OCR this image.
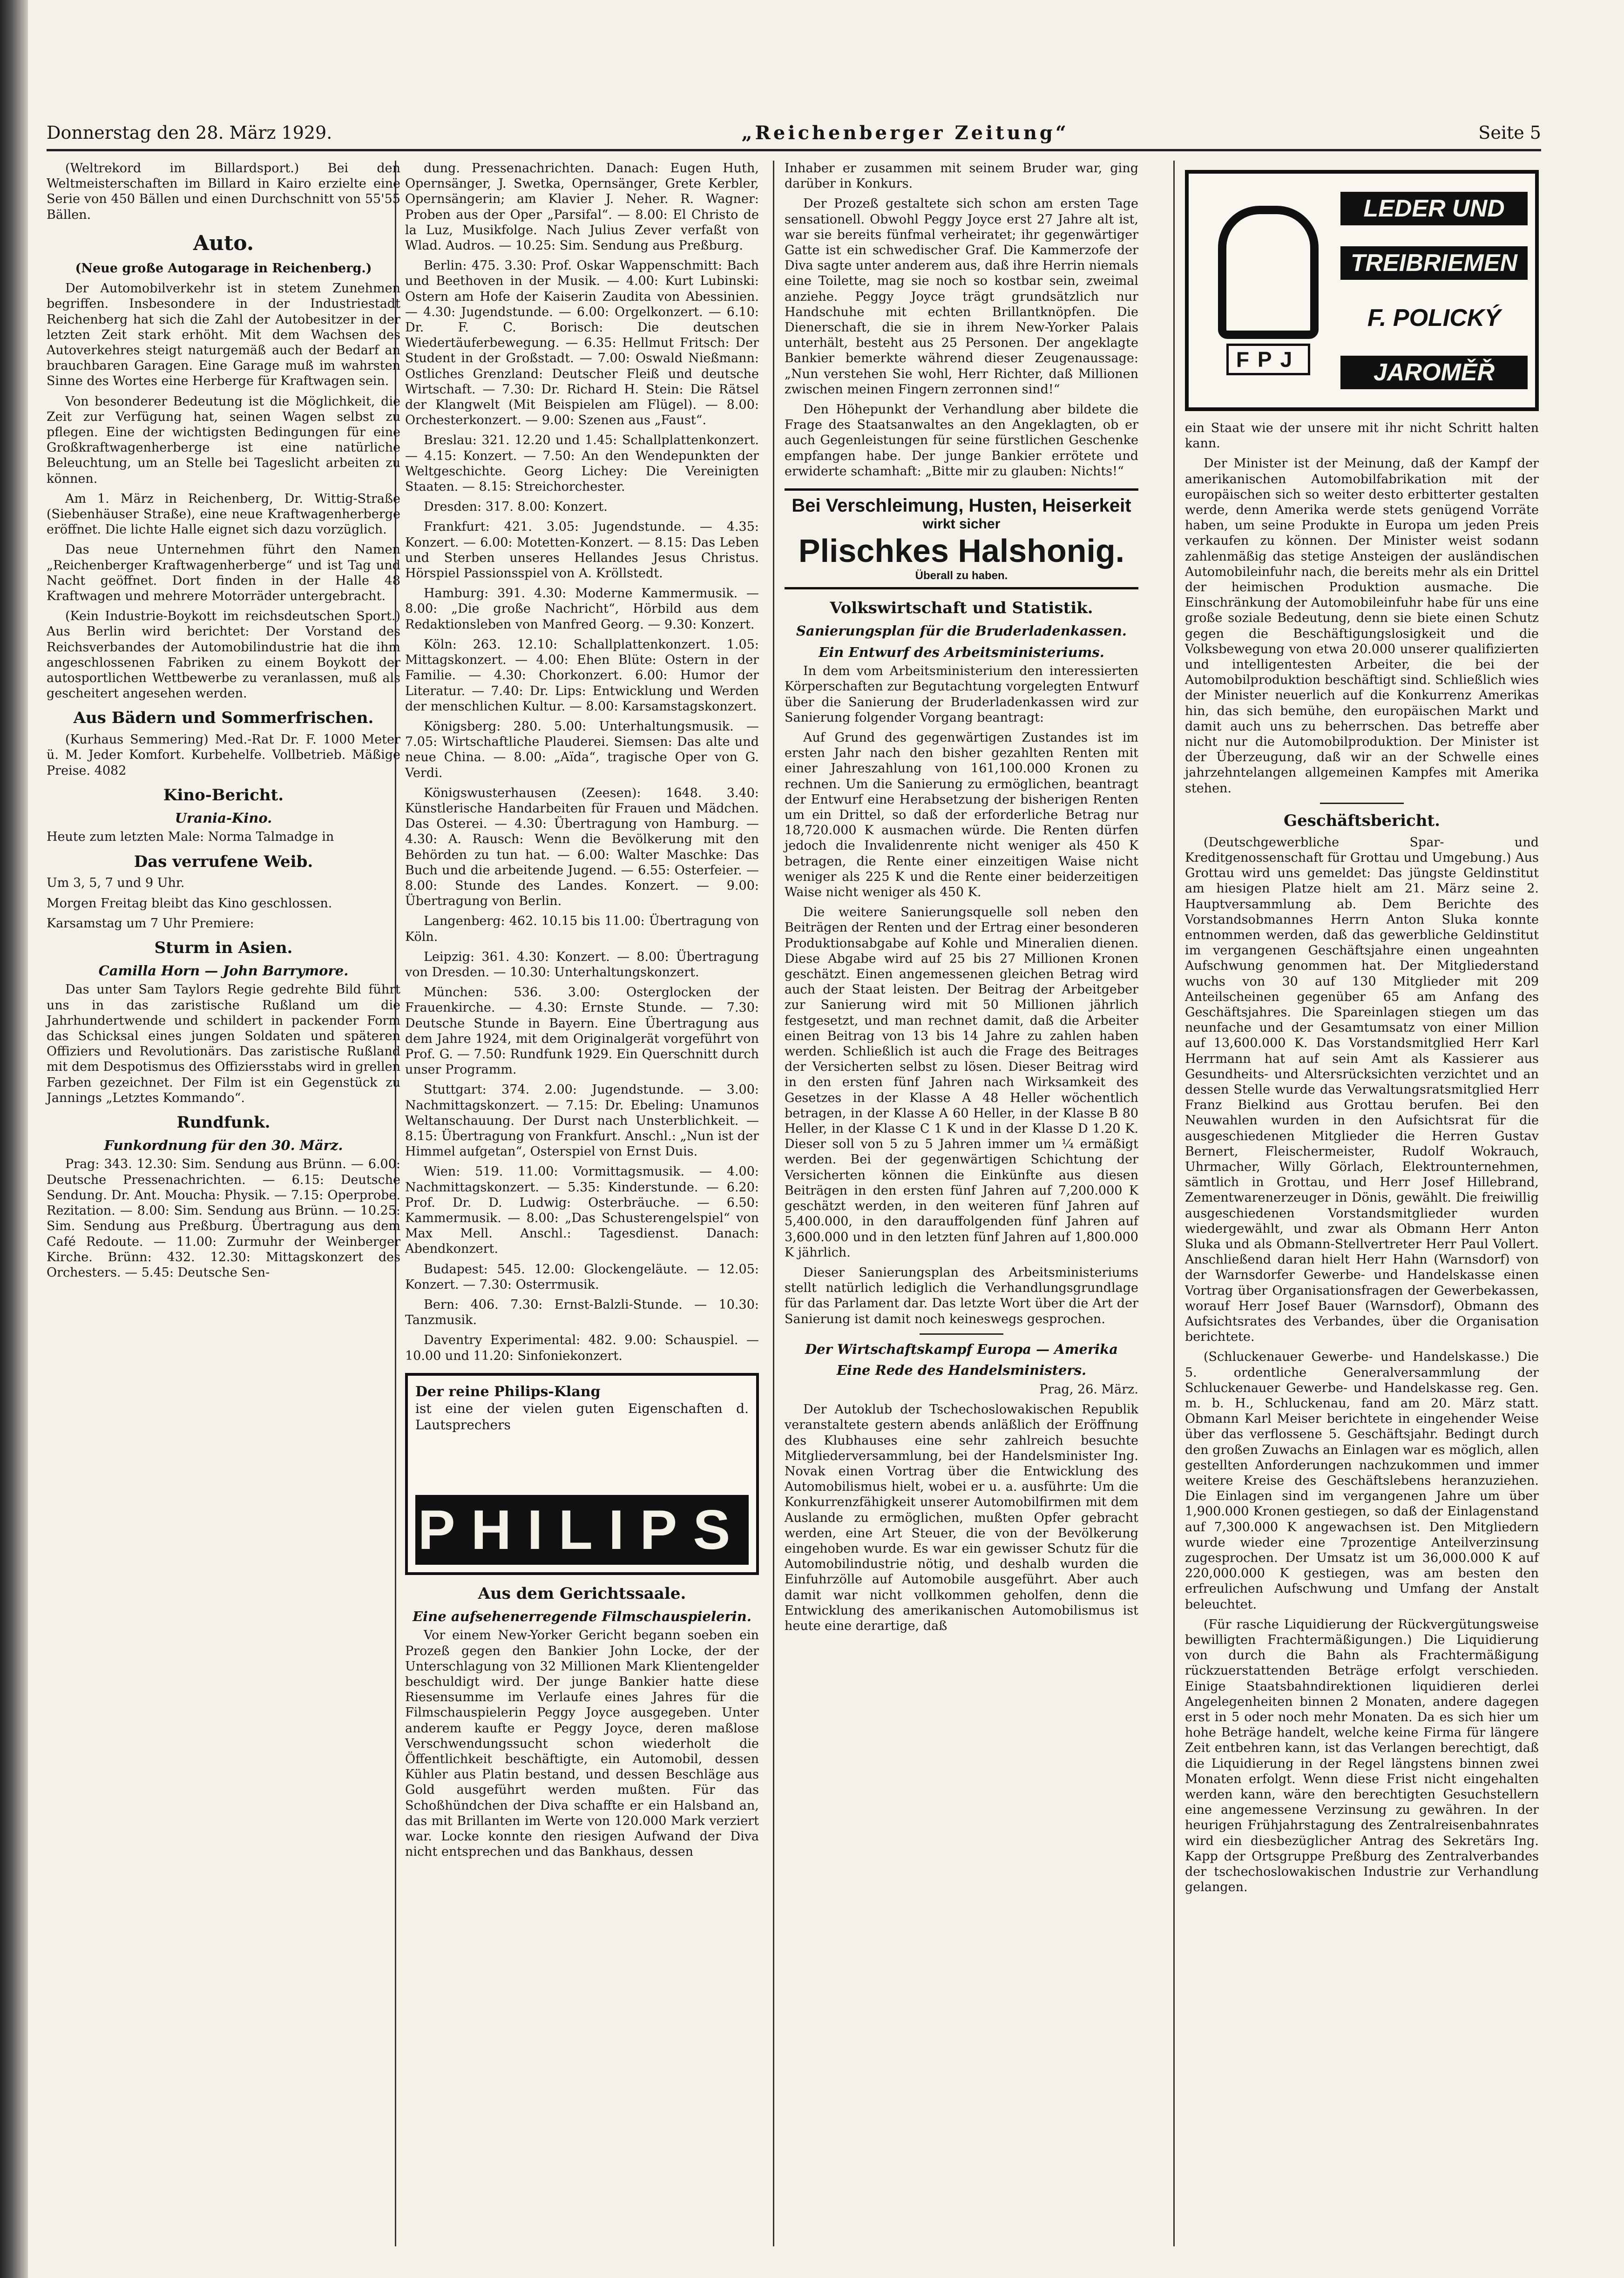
Donnerstag den 28. März 1929.	„Reichenberger Zeitung“	Seite 5

(Weltrekord im Billardsport.) Bei den Weltmeisterschaften im Billard in Kairo erzielte eine Serie von 450 Bällen und einen Durchschnitt von 55'55 Bällen.

Auto.

(Neue große Autogarage in Reichenberg.)

Der Automobilverkehr ist in stetem Zunehmen begriffen. Insbesondere in der Industriestadt Reichenberg hat sich die Zahl der Autobesitzer in der letzten Zeit stark erhöht. Mit dem Wachsen des Autoverkehres steigt naturgemäß auch der Bedarf an brauchbaren Garagen. Eine Garage muß im wahrsten Sinne des Wortes eine Herberge für Kraftwagen sein.

Von besonderer Bedeutung ist die Möglichkeit, die Zeit zur Verfügung hat, seinen Wagen selbst zu pflegen. Eine der wichtigsten Bedingungen für eine Großkraftwagenherberge ist eine natürliche Beleuchtung, um an Stelle bei Tageslicht arbeiten zu können.

Am 1. März in Reichenberg, Dr. Wittig-Straße (Siebenhäuser Straße), eine neue Kraftwagenherberge eröffnet. Die lichte Halle eignet sich dazu vorzüglich.

Das neue Unternehmen führt den Namen „Reichenberger Kraftwagenherberge“ und ist Tag und Nacht geöffnet. Dort finden in der Halle 48 Kraftwagen und mehrere Motorräder untergebracht.

(Kein Industrie-Boykott im reichsdeutschen Sport.) Aus Berlin wird berichtet: Der Vorstand des Reichsverbandes der Automobilindustrie hat die ihm angeschlossenen Fabriken zu einem Boykott der autosportlichen Wettbewerbe zu veranlassen, muß als gescheitert angesehen werden.

Aus Bädern und Sommerfrischen.

(Kurhaus Semmering) Med.-Rat Dr. F. 1000 Meter ü. M. Jeder Komfort. Kurbehelfe. Vollbetrieb. Mäßige Preise. 4082

Kino-Bericht.
Urania-Kino.

Heute zum letzten Male: Norma Talmadge in

Das verrufene Weib.

Um 3, 5, 7 und 9 Uhr.

Morgen Freitag bleibt das Kino geschlossen.

Karsamstag um 7 Uhr Premiere:

Sturm in Asien.
Camilla Horn — John Barrymore.

Das unter Sam Taylors Regie gedrehte Bild führt uns in das zaristische Rußland um die Jahrhundertwende und schildert in packender Form das Schicksal eines jungen Soldaten und späteren Offiziers und Revolutionärs. Das zaristische Rußland mit dem Despotismus des Offiziersstabs wird in grellen Farben gezeichnet. Der Film ist ein Gegenstück zu Jannings „Letztes Kommando“.

Rundfunk.
Funkordnung für den 30. März.

Prag: 343. 12.30: Sim. Sendung aus Brünn. — 6.00: Deutsche Pressenachrichten. — 6.15: Deutsche Sendung. Dr. Ant. Moucha: Physik. — 7.15: Operprobe. Rezitation. — 8.00: Sim. Sendung aus Brünn. — 10.25: Sim. Sendung aus Preßburg. Übertragung aus dem Café Redoute. — 11.00: Zurmuhr der Weinberger Kirche. Brünn: 432. 12.30: Mittagskonzert des Orchesters. — 5.45: Deutsche Sen-

dung. Pressenachrichten. Danach: Eugen Huth, Opernsänger, J. Swetka, Opernsänger, Grete Kerbler, Opernsängerin; am Klavier J. Neher. R. Wagner: Proben aus der Oper „Parsifal“. — 8.00: El Christo de la Luz, Musikfolge. Nach Julius Zever verfaßt von Wlad. Audros. — 10.25: Sim. Sendung aus Preßburg.

Berlin: 475. 3.30: Prof. Oskar Wappenschmitt: Bach und Beethoven in der Musik. — 4.00: Kurt Lubinski: Ostern am Hofe der Kaiserin Zaudita von Abessinien. — 4.30: Jugendstunde. — 6.00: Orgelkonzert. — 6.10: Dr. F. C. Borisch: Die deutschen Wiedertäuferbewegung. — 6.35: Hellmut Fritsch: Der Student in der Großstadt. — 7.00: Oswald Nießmann: Ostliches Grenzland: Deutscher Fleiß und deutsche Wirtschaft. — 7.30: Dr. Richard H. Stein: Die Rätsel der Klangwelt (Mit Beispielen am Flügel). — 8.00: Orchesterkonzert. — 9.00: Szenen aus „Faust“.

Breslau: 321. 12.20 und 1.45: Schallplattenkonzert. — 4.15: Konzert. — 7.50: An den Wendepunkten der Weltgeschichte. Georg Lichey: Die Vereinigten Staaten. — 8.15: Streichorchester.

Dresden: 317. 8.00: Konzert.

Frankfurt: 421. 3.05: Jugendstunde. — 4.35: Konzert. — 6.00: Motetten-Konzert. — 8.15: Das Leben und Sterben unseres Hellandes Jesus Christus. Hörspiel Passionsspiel von A. Kröllstedt.

Hamburg: 391. 4.30: Moderne Kammermusik. — 8.00: „Die große Nachricht“, Hörbild aus dem Redaktionsleben von Manfred Georg. — 9.30: Konzert.

Köln: 263. 12.10: Schallplattenkonzert. 1.05: Mittagskonzert. — 4.00: Ehen Blüte: Ostern in der Familie. — 4.30: Chorkonzert. 6.00: Humor der Literatur. — 7.40: Dr. Lips: Entwicklung und Werden der menschlichen Kultur. — 8.00: Karsamstagskonzert.

Königsberg: 280. 5.00: Unterhaltungsmusik. — 7.05: Wirtschaftliche Plauderei. Siemsen: Das alte und neue China. — 8.00: „Aïda“, tragische Oper von G. Verdi.

Königswusterhausen (Zeesen): 1648. 3.40: Künstlerische Handarbeiten für Frauen und Mädchen. Das Osterei. — 4.30: Übertragung von Hamburg. — 4.30: A. Rausch: Wenn die Bevölkerung mit den Behörden zu tun hat. — 6.00: Walter Maschke: Das Buch und die arbeitende Jugend. — 6.55: Osterfeier. — 8.00: Stunde des Landes. Konzert. — 9.00: Übertragung von Berlin.

Langenberg: 462. 10.15 bis 11.00: Übertragung von Köln.

Leipzig: 361. 4.30: Konzert. — 8.00: Übertragung von Dresden. — 10.30: Unterhaltungskonzert.

München: 536. 3.00: Osterglocken der Frauenkirche. — 4.30: Ernste Stunde. — 7.30: Deutsche Stunde in Bayern. Eine Übertragung aus dem Jahre 1924, mit dem Originalgerät vorgeführt von Prof. G. — 7.50: Rundfunk 1929. Ein Querschnitt durch unser Programm.

Stuttgart: 374. 2.00: Jugendstunde. — 3.00: Nachmittagskonzert. — 7.15: Dr. Ebeling: Unamunos Weltanschauung. Der Durst nach Unsterblichkeit. — 8.15: Übertragung von Frankfurt. Anschl.: „Nun ist der Himmel aufgetan“, Osterspiel von Ernst Duis.

Wien: 519. 11.00: Vormittagsmusik. — 4.00: Nachmittagskonzert. — 5.35: Kinderstunde. — 6.20: Prof. Dr. D. Ludwig: Osterbräuche. — 6.50: Kammermusik. — 8.00: „Das Schusterengelspiel“ von Max Mell. Anschl.: Tagesdienst. Danach: Abendkonzert.

Budapest: 545. 12.00: Glockengeläute. — 12.05: Konzert. — 7.30: Osterrmusik.

Bern: 406. 7.30: Ernst-Balzli-Stunde. — 10.30: Tanzmusik.

Daventry Experimental: 482. 9.00: Schauspiel. — 10.00 und 11.20: Sinfoniekonzert.

Der reine Philips-Klang
ist eine der vielen guten Eigenschaften d. Lautsprechers
PHILIPS
Aus dem Gerichtssaale.
Eine aufsehenerregende Filmschauspielerin.

Vor einem New-Yorker Gericht begann soeben ein Prozeß gegen den Bankier John Locke, der der Unterschlagung von 32 Millionen Mark Klientengelder beschuldigt wird. Der junge Bankier hatte diese Riesensumme im Verlaufe eines Jahres für die Filmschauspielerin Peggy Joyce ausgegeben. Unter anderem kaufte er Peggy Joyce, deren maßlose Verschwendungssucht schon wiederholt die Öffentlichkeit beschäftigte, ein Automobil, dessen Kühler aus Platin bestand, und dessen Beschläge aus Gold ausgeführt werden mußten. Für das Schoßhündchen der Diva schaffte er ein Halsband an, das mit Brillanten im Werte von 120.000 Mark verziert war. Locke konnte den riesigen Aufwand der Diva nicht entsprechen und das Bankhaus, dessen

Inhaber er zusammen mit seinem Bruder war, ging darüber in Konkurs.

Der Prozeß gestaltete sich schon am ersten Tage sensationell. Obwohl Peggy Joyce erst 27 Jahre alt ist, war sie bereits fünfmal verheiratet; ihr gegenwärtiger Gatte ist ein schwedischer Graf. Die Kammerzofe der Diva sagte unter anderem aus, daß ihre Herrin niemals eine Toilette, mag sie noch so kostbar sein, zweimal anziehe. Peggy Joyce trägt grundsätzlich nur Handschuhe mit echten Brillantknöpfen. Die Dienerschaft, die sie in ihrem New-Yorker Palais unterhält, besteht aus 25 Personen. Der angeklagte Bankier bemerkte während dieser Zeugenaussage: „Nun verstehen Sie wohl, Herr Richter, daß Millionen zwischen meinen Fingern zerronnen sind!“

Den Höhepunkt der Verhandlung aber bildete die Frage des Staatsanwaltes an den Angeklagten, ob er auch Gegenleistungen für seine fürstlichen Geschenke empfangen habe. Der junge Bankier errötete und erwiderte schamhaft: „Bitte mir zu glauben: Nichts!“

Bei Verschleimung, Husten, Heiserkeit
wirkt sicher
Plischkes Halshonig.
Überall zu haben.
Volkswirtschaft und Statistik.
Sanierungsplan für die Bruderladenkassen.
Ein Entwurf des Arbeitsministeriums.

In dem vom Arbeitsministerium den interessierten Körperschaften zur Begutachtung vorgelegten Entwurf über die Sanierung der Bruderladenkassen wird zur Sanierung folgender Vorgang beantragt:

Auf Grund des gegenwärtigen Zustandes ist im ersten Jahr nach den bisher gezahlten Renten mit einer Jahreszahlung von 161,100.000 Kronen zu rechnen. Um die Sanierung zu ermöglichen, beantragt der Entwurf eine Herabsetzung der bisherigen Renten um ein Drittel, so daß der erforderliche Betrag nur 18,720.000 K ausmachen würde. Die Renten dürfen jedoch die Invalidenrente nicht weniger als 450 K betragen, die Rente einer einzeitigen Waise nicht weniger als 225 K und die Rente einer beiderzeitigen Waise nicht weniger als 450 K.

Die weitere Sanierungsquelle soll neben den Beiträgen der Renten und der Ertrag einer besonderen Produktionsabgabe auf Kohle und Mineralien dienen. Diese Abgabe wird auf 25 bis 27 Millionen Kronen geschätzt. Einen angemessenen gleichen Betrag wird auch der Staat leisten. Der Beitrag der Arbeitgeber zur Sanierung wird mit 50 Millionen jährlich festgesetzt, und man rechnet damit, daß die Arbeiter einen Beitrag von 13 bis 14 Jahre zu zahlen haben werden. Schließlich ist auch die Frage des Beitrages der Versicherten selbst zu lösen. Dieser Beitrag wird in den ersten fünf Jahren nach Wirksamkeit des Gesetzes in der Klasse A 48 Heller wöchentlich betragen, in der Klasse A 60 Heller, in der Klasse B 80 Heller, in der Klasse C 1 K und in der Klasse D 1.20 K. Dieser soll von 5 zu 5 Jahren immer um ¼ ermäßigt werden. Bei der gegenwärtigen Schichtung der Versicherten können die Einkünfte aus diesen Beiträgen in den ersten fünf Jahren auf 7,200.000 K geschätzt werden, in den weiteren fünf Jahren auf 5,400.000, in den darauffolgenden fünf Jahren auf 3,600.000 und in den letzten fünf Jahren auf 1,800.000 K jährlich.

Dieser Sanierungsplan des Arbeitsministeriums stellt natürlich lediglich die Verhandlungsgrundlage für das Parlament dar. Das letzte Wort über die Art der Sanierung ist damit noch keineswegs gesprochen.

Der Wirtschaftskampf Europa — Amerika
Eine Rede des Handelsministers.

Prag, 26. März.

Der Autoklub der Tschechoslowakischen Republik veranstaltete gestern abends anläßlich der Eröffnung des Klubhauses eine sehr zahlreich besuchte Mitgliederversammlung, bei der Handelsminister Ing. Novak einen Vortrag über die Entwicklung des Automobilismus hielt, wobei er u. a. ausführte: Um die Konkurrenzfähigkeit unserer Automobilfirmen mit dem Auslande zu ermöglichen, mußten Opfer gebracht werden, eine Art Steuer, die von der Bevölkerung eingehoben wurde. Es war ein gewisser Schutz für die Automobilindustrie nötig, und deshalb wurden die Einfuhrzölle auf Automobile ausgeführt. Aber auch damit war nicht vollkommen geholfen, denn die Entwicklung des amerikanischen Automobilismus ist heute eine derartige, daß

FPJ
LEDER UND
TREIBRIEMEN
F. POLICKÝ
JAROMĚŘ

ein Staat wie der unsere mit ihr nicht Schritt halten kann.

Der Minister ist der Meinung, daß der Kampf der amerikanischen Automobilfabrikation mit der europäischen sich so weiter desto erbitterter gestalten werde, denn Amerika werde stets genügend Vorräte haben, um seine Produkte in Europa um jeden Preis verkaufen zu können. Der Minister weist sodann zahlenmäßig das stetige Ansteigen der ausländischen Automobileinfuhr nach, die bereits mehr als ein Drittel der heimischen Produktion ausmache. Die Einschränkung der Automobileinfuhr habe für uns eine große soziale Bedeutung, denn sie biete einen Schutz gegen die Beschäftigungslosigkeit und die Volksbewegung von etwa 20.000 unserer qualifizierten und intelligentesten Arbeiter, die bei der Automobilproduktion beschäftigt sind. Schließlich wies der Minister neuerlich auf die Konkurrenz Amerikas hin, das sich bemühe, den europäischen Markt und damit auch uns zu beherrschen. Das betreffe aber nicht nur die Automobilproduktion. Der Minister ist der Überzeugung, daß wir an der Schwelle eines jahrzehntelangen allgemeinen Kampfes mit Amerika stehen.

Geschäftsbericht.

(Deutschgewerbliche Spar- und Kreditgenossenschaft für Grottau und Umgebung.) Aus Grottau wird uns gemeldet: Das jüngste Geldinstitut am hiesigen Platze hielt am 21. März seine 2. Hauptversammlung ab. Dem Berichte des Vorstandsobmannes Herrn Anton Sluka konnte entnommen werden, daß das gewerbliche Geldinstitut im vergangenen Geschäftsjahre einen ungeahnten Aufschwung genommen hat. Der Mitgliederstand wuchs von 30 auf 130 Mitglieder mit 209 Anteilscheinen gegenüber 65 am Anfang des Geschäftsjahres. Die Spareinlagen stiegen um das neunfache und der Gesamtumsatz von einer Million auf 13,600.000 K. Das Vorstandsmitglied Herr Karl Herrmann hat auf sein Amt als Kassierer aus Gesundheits- und Altersrücksichten verzichtet und an dessen Stelle wurde das Verwaltungsratsmitglied Herr Franz Bielkind aus Grottau berufen. Bei den Neuwahlen wurden in den Aufsichtsrat für die ausgeschiedenen Mitglieder die Herren Gustav Bernert, Fleischermeister, Rudolf Wokrauch, Uhrmacher, Willy Görlach, Elektrounternehmen, sämtlich in Grottau, und Herr Josef Hillebrand, Zementwarenerzeuger in Dönis, gewählt. Die freiwillig ausgeschiedenen Vorstandsmitglieder wurden wiedergewählt, und zwar als Obmann Herr Anton Sluka und als Obmann-Stellvertreter Herr Paul Vollert. Anschließend daran hielt Herr Hahn (Warnsdorf) von der Warnsdorfer Gewerbe- und Handelskasse einen Vortrag über Organisationsfragen der Gewerbekassen, worauf Herr Josef Bauer (Warnsdorf), Obmann des Aufsichtsrates des Verbandes, über die Organisation berichtete.

(Schluckenauer Gewerbe- und Handelskasse.) Die 5. ordentliche Generalversammlung der Schluckenauer Gewerbe- und Handelskasse reg. Gen. m. b. H., Schluckenau, fand am 20. März statt. Obmann Karl Meiser berichtete in eingehender Weise über das verflossene 5. Geschäftsjahr. Bedingt durch den großen Zuwachs an Einlagen war es möglich, allen gestellten Anforderungen nachzukommen und immer weitere Kreise des Geschäftslebens heranzuziehen. Die Einlagen sind im vergangenen Jahre um über 1,900.000 Kronen gestiegen, so daß der Einlagenstand auf 7,300.000 K angewachsen ist. Den Mitgliedern wurde wieder eine 7prozentige Anteilverzinsung zugesprochen. Der Umsatz ist um 36,000.000 K auf 220,000.000 K gestiegen, was am besten den erfreulichen Aufschwung und Umfang der Anstalt beleuchtet.

(Für rasche Liquidierung der Rückvergütungsweise bewilligten Frachtermäßigungen.) Die Liquidierung von durch die Bahn als Frachtermäßigung rückzuerstattenden Beträge erfolgt verschieden. Einige Staatsbahndirektionen liquidieren derlei Angelegenheiten binnen 2 Monaten, andere dagegen erst in 5 oder noch mehr Monaten. Da es sich hier um hohe Beträge handelt, welche keine Firma für längere Zeit entbehren kann, ist das Verlangen berechtigt, daß die Liquidierung in der Regel längstens binnen zwei Monaten erfolgt. Wenn diese Frist nicht eingehalten werden kann, wäre den berechtigten Gesuchstellern eine angemessene Verzinsung zu gewähren. In der heurigen Frühjahrstagung des Zentralreisenbahnrates wird ein diesbezüglicher Antrag des Sekretärs Ing. Kapp der Ortsgruppe Preßburg des Zentralverbandes der tschechoslowakischen Industrie zur Verhandlung gelangen.
